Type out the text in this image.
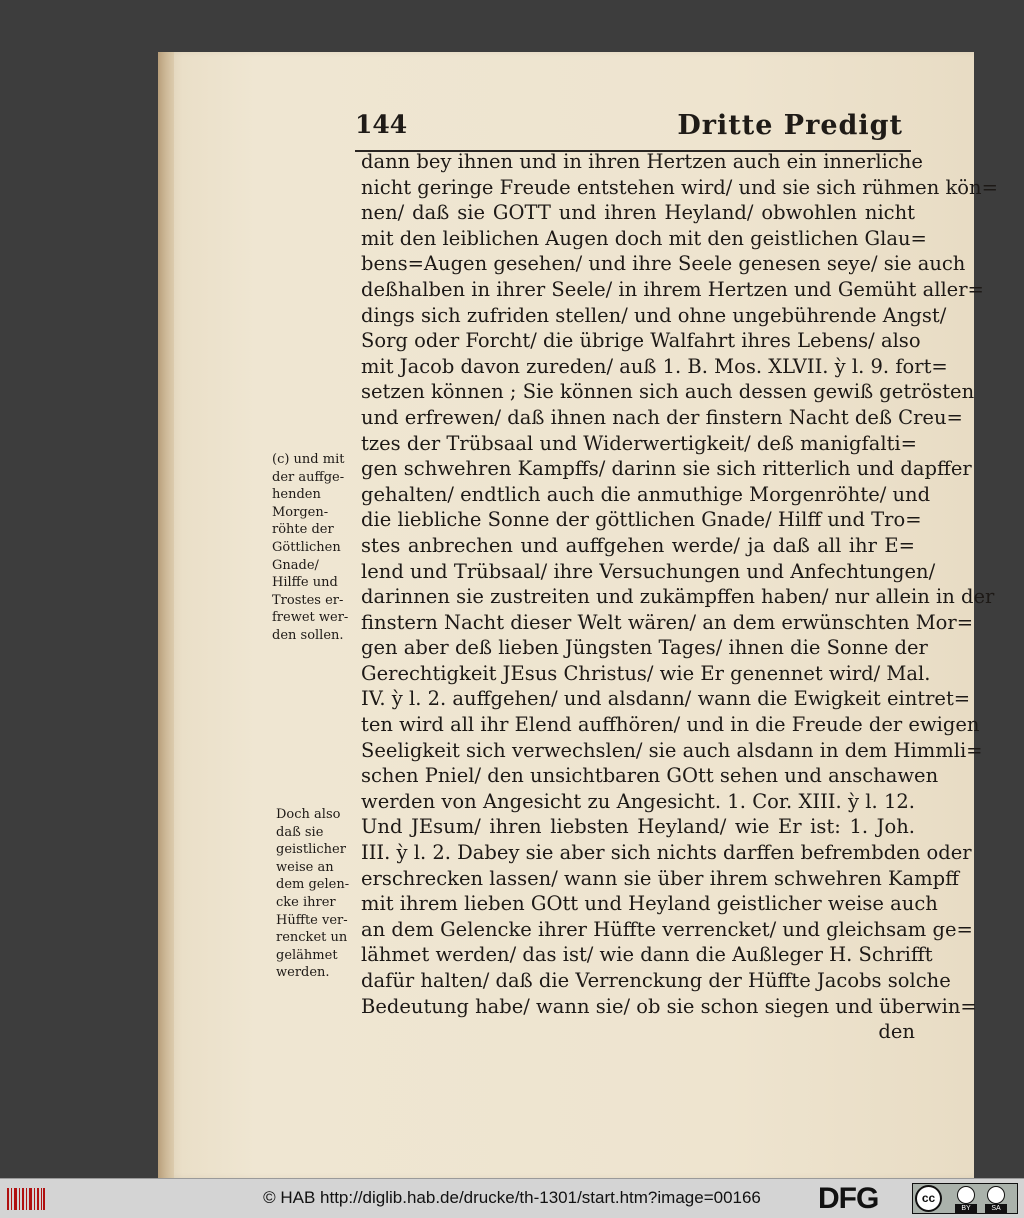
144	Dritte Predigt
dann bey ihnen und in ihren Hertzen auch ein innerliche
nicht geringe Freude entstehen wird/ und sie sich rühmen kön=
nen/ daß sie GOTT und ihren Heyland/ obwohlen nicht
mit den leiblichen Augen doch mit den geistlichen Glau=
bens=Augen gesehen/ und ihre Seele genesen seye/ sie auch
deßhalben in ihrer Seele/ in ihrem Hertzen und Gemüht aller=
dings sich zufriden stellen/ und ohne ungebührende Angst/
Sorg oder Forcht/ die übrige Walfahrt ihres Lebens/ also
mit Jacob davon zureden/ auß 1. B. Mos. XLVII. ỳ l. 9. fort=
setzen können ; Sie können sich auch dessen gewiß getrösten
und erfrewen/ daß ihnen nach der finstern Nacht deß Creu=
tzes der Trübsaal und Widerwertigkeit/ deß manigfalti=
gen schwehren Kampffs/ darinn sie sich ritterlich und dapffer
gehalten/ endtlich auch die anmuthige Morgenröhte/ und
die liebliche Sonne der göttlichen Gnade/ Hilff und Tro=
stes anbrechen und auffgehen werde/ ja daß all ihr E=
lend und Trübsaal/ ihre Versuchungen und Anfechtungen/
darinnen sie zustreiten und zukämpffen haben/ nur allein in der
finstern Nacht dieser Welt wären/ an dem erwünschten Mor=
gen aber deß lieben Jüngsten Tages/ ihnen die Sonne der
Gerechtigkeit JEsus Christus/ wie Er genennet wird/ Mal.
IV. ỳ l. 2. auffgehen/ und alsdann/ wann die Ewigkeit eintret=
ten wird all ihr Elend auffhören/ und in die Freude der ewigen
Seeligkeit sich verwechslen/ sie auch alsdann in dem Himmli=
schen Pniel/ den unsichtbaren GOtt sehen und anschawen
werden von Angesicht zu Angesicht. 1. Cor. XIII. ỳ l. 12.
Und JEsum/ ihren liebsten Heyland/ wie Er ist: 1. Joh.
III. ỳ l. 2. Dabey sie aber sich nichts darffen befrembden oder
erschrecken lassen/ wann sie über ihrem schwehren Kampff
mit ihrem lieben GOtt und Heyland geistlicher weise auch
an dem Gelencke ihrer Hüffte verrencket/ und gleichsam ge=
lähmet werden/ das ist/ wie dann die Außleger H. Schrifft
dafür halten/ daß die Verrenckung der Hüffte Jacobs solche
Bedeutung habe/ wann sie/ ob sie schon siegen und überwin=
den
(c) und mit
der auffge-
henden
Morgen-
röhte der
Göttlichen
Gnade/
Hilffe und
Trostes er-
frewet wer-
den sollen.
Doch also
daß sie
geistlicher
weise an
dem gelen-
cke ihrer
Hüffte ver-
rencket un
gelähmet
werden.
© HAB http://diglib.hab.de/drucke/th-1301/start.htm?image=00166	DFG	cc
BY	SA
